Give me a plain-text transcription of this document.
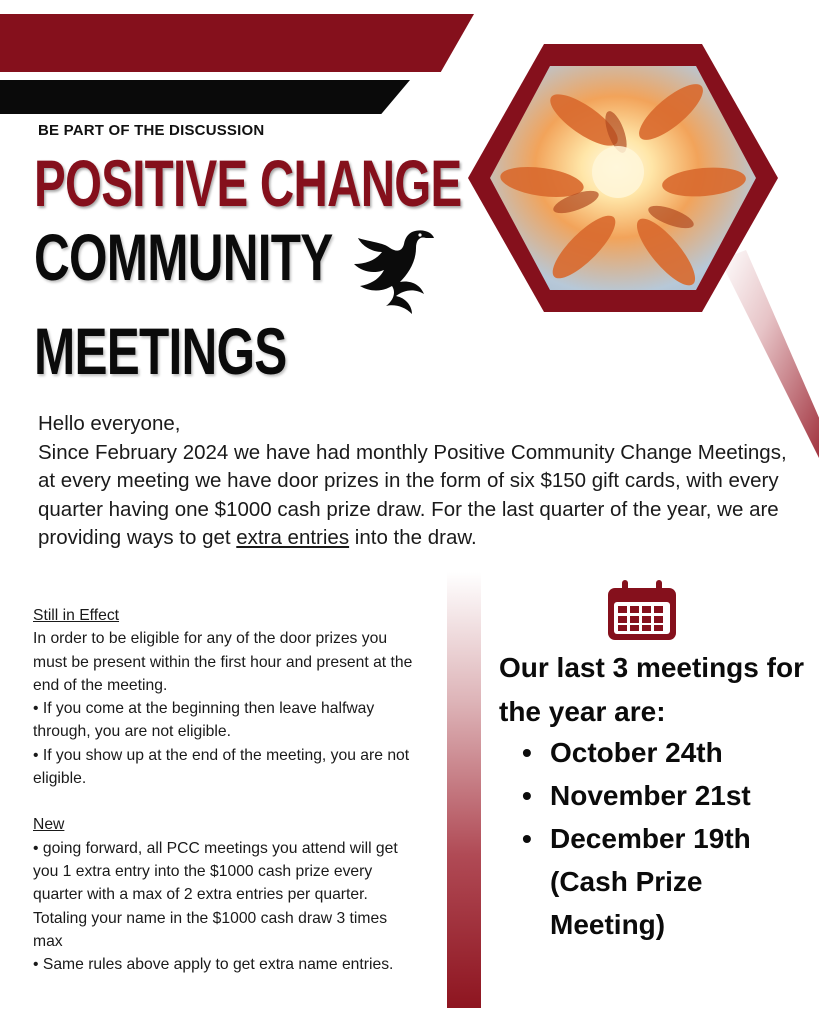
BE PART OF THE DISCUSSION
POSITIVE CHANGE
COMMUNITY
MEETINGS

Hello everyone,

Since February 2024 we have had monthly Positive Community Change Meetings, at every meeting we have door prizes in the form of six $150 gift cards, with every quarter having one $1000 cash prize draw. For the last quarter of the year, we are providing ways to get extra entries into the draw.

Still in Effect

In order to be eligible for any of the door prizes you must be present within the first hour and present at the end of the meeting.

• If you come at the beginning then leave halfway through, you are not eligible.

• If you show up at the end of the meeting, you are not eligible.

New

• going forward, all PCC meetings you attend will get you 1 extra entry into the $1000 cash prize every quarter with a max of 2 extra entries per quarter. Totaling your name in the $1000 cash draw 3 times max

• Same rules above apply to get extra name entries.

Our last 3 meetings for the year are:
• October 24th
• November 21st
• December 19th (Cash Prize Meeting)
